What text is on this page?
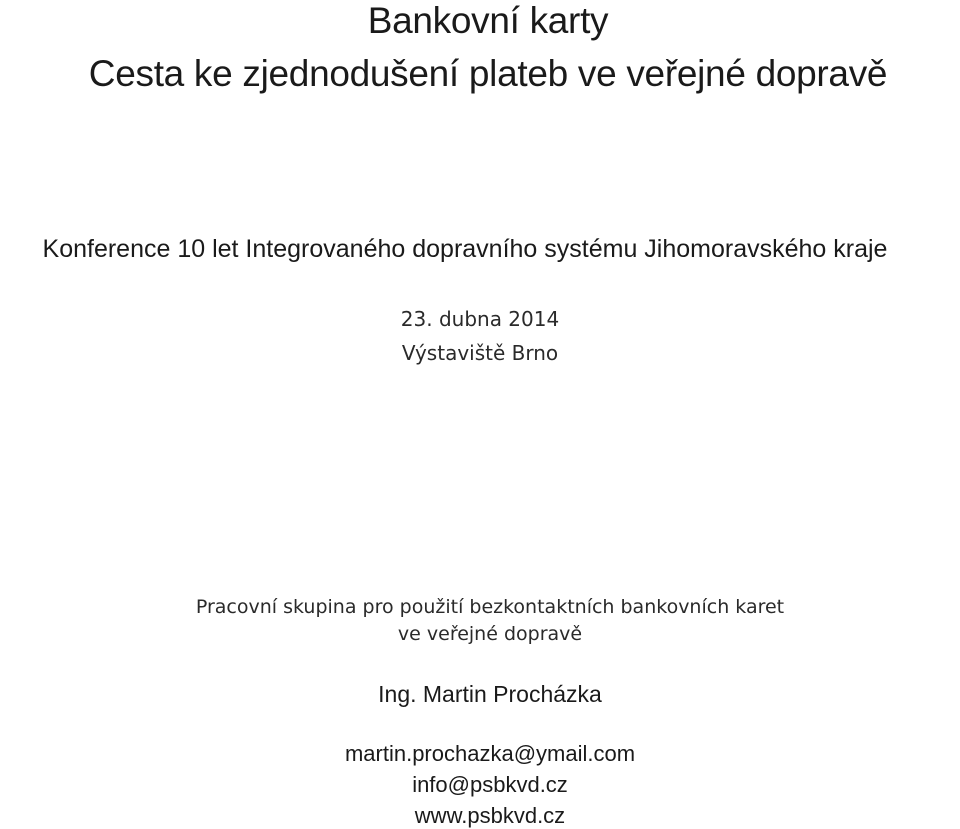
Bankovní karty
Cesta ke zjednodušení plateb ve veřejné dopravě
Konference 10 let Integrovaného dopravního systému Jihomoravského kraje
23. dubna 2014
Výstaviště Brno
Pracovní skupina pro použití bezkontaktních bankovních karet
ve veřejné dopravě
Ing. Martin Procházka
martin.prochazka@ymail.com
info@psbkvd.cz
www.psbkvd.cz
